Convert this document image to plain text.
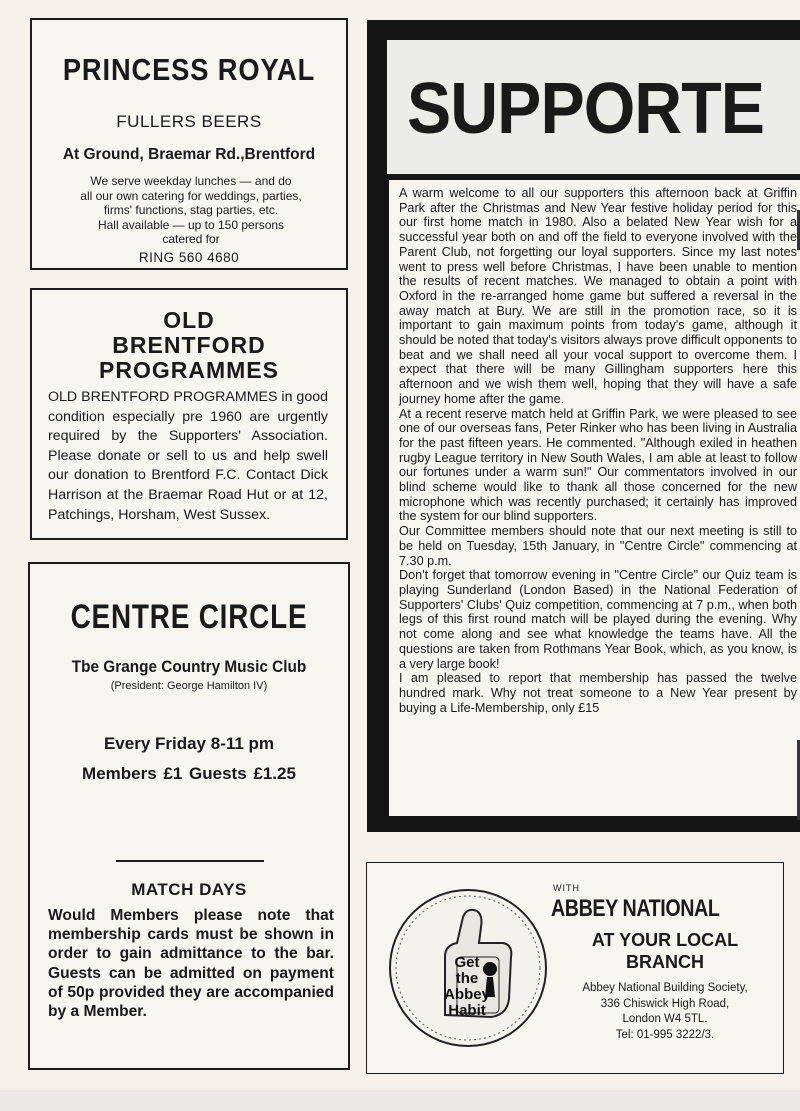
PRINCESS ROYAL
FULLERS BEERS
At Ground, Braemar Rd.,Brentford
We serve weekday lunches — and do
all our own catering for weddings, parties,
firms' functions, stag parties, etc.
Hall available — up to 150 persons
catered for
RING 560 4680
OLD
BRENTFORD
PROGRAMMES
OLD BRENTFORD PROGRAMMES in good condition especially pre 1960 are urgently required by the Supporters' Association. Please donate or sell to us and help swell our donation to Brentford F.C. Contact Dick Harrison at the Braemar Road Hut or at 12, Patchings, Horsham, West Sussex.
CENTRE CIRCLE
Tbe Grange Country Music Club
(President: George Hamilton IV)
Every Friday 8-11 pm
Members £1 Guests £1.25
MATCH DAYS
Would Members please note that membership cards must be shown in order to gain admittance to the bar. Guests can be admitted on payment of 50p provided they are accompanied by a Member.
SUPPORTE
A warm welcome to all our supporters this afternoon back at Griffin Park after the Christmas and New Year festive holiday period for this our first home match in 1980. Also a belated New Year wish for a successful year both on and off the field to everyone involved with the Parent Club, not forgetting our loyal supporters. Since my last notes went to press well before Christmas, I have been unable to mention the results of recent matches. We managed to obtain a point with Oxford in the re-arranged home game but suffered a reversal in the away match at Bury. We are still in the promotion race, so it is important to gain maximum points from today's game, although it should be noted that today's visitors always prove difficult opponents to beat and we shall need all your vocal support to overcome them. I expect that there will be many Gillingham supporters here this afternoon and we wish them well, hoping that they will have a safe journey home after the game.
At a recent reserve match held at Griffin Park, we were pleased to see one of our overseas fans, Peter Rinker who has been living in Australia for the past fifteen years. He commented. "Although exiled in heathen rugby League territory in New South Wales, I am able at least to follow our fortunes under a warm sun!" Our commentators involved in our blind scheme would like to thank all those concerned for the new microphone which was recently purchased; it certainly has improved the system for our blind supporters.
Our Committee members should note that our next meeting is still to be held on Tuesday, 15th January, in "Centre Circle" commencing at 7.30 p.m.
Don't forget that tomorrow evening in "Centre Circle" our Quiz team is playing Sunderland (London Based) in the National Federation of Supporters' Clubs' Quiz competition, commencing at 7 p.m., when both legs of this first round match will be played during the evening. Why not come along and see what knowledge the teams have. All the questions are taken from Rothmans Year Book, which, as you know, is a very large book!
I am pleased to report that membership has passed the twelve hundred mark. Why not treat someone to a New Year present by buying a Life-Membership, only £15
Get
the
Abbey
Habit
WITH
ABBEY NATIONAL
AT YOUR LOCAL
BRANCH
Abbey National Building Society,
336 Chiswick High Road,
London W4 5TL.
Tel: 01-995 3222/3.
